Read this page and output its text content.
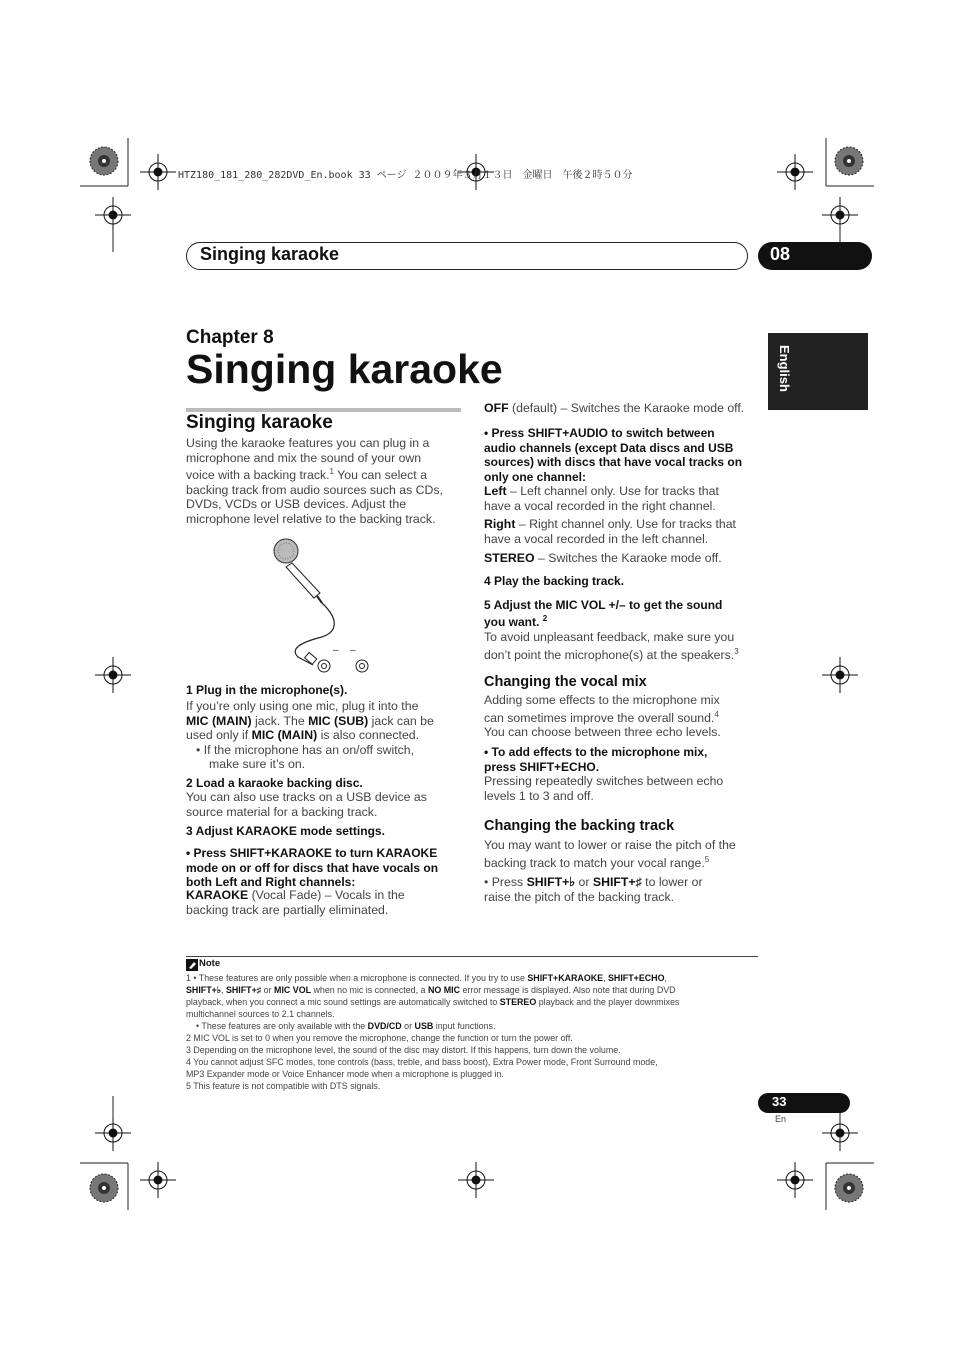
HTZ180_181_280_282DVD_En.book 33 ページ ２００９年３月１３日　金曜日　午後２時５０分
Singing karaoke	08
English
Chapter 8
Singing karaoke
Singing karaoke
Using the karaoke features you can plug in a
microphone and mix the sound of your own
voice with a backing track.$^1$ You can select a
backing track from audio sources such as CDs,
DVDs, VCDs or USB devices. Adjust the
microphone level relative to the backing track.
– –
1 Plug in the microphone(s).
If you’re only using one mic, plug it into the
MIC (MAIN) jack. The MIC (SUB) jack can be
used only if MIC (MAIN) is also connected.
• If the microphone has an on/off switch,
make sure it’s on.
2 Load a karaoke backing disc.
You can also use tracks on a USB device as
source material for a backing track.
3 Adjust KARAOKE mode settings.
• Press SHIFT+KARAOKE to turn KARAOKE
mode on or off for discs that have vocals on
both Left and Right channels:
KARAOKE (Vocal Fade) – Vocals in the
backing track are partially eliminated.
OFF (default) – Switches the Karaoke mode off.
• Press SHIFT+AUDIO to switch between
audio channels (except Data discs and USB
sources) with discs that have vocal tracks on
only one channel:
Left – Left channel only. Use for tracks that
have a vocal recorded in the right channel.
Right – Right channel only. Use for tracks that
have a vocal recorded in the left channel.
STEREO – Switches the Karaoke mode off.
4 Play the backing track.
5 Adjust the MIC VOL +/– to get the sound
you want. $^2$
To avoid unpleasant feedback, make sure you
don’t point the microphone(s) at the speakers.$^3$
Changing the vocal mix
Adding some effects to the microphone mix
can sometimes improve the overall sound.$^4$
You can choose between three echo levels.
• To add effects to the microphone mix,
press SHIFT+ECHO.
Pressing repeatedly switches between echo
levels 1 to 3 and off.
Changing the backing track
You may want to lower or raise the pitch of the
backing track to match your vocal range.$^5$
• Press SHIFT+♭ or SHIFT+♯ to lower or
raise the pitch of the backing track.
Note
1 • These features are only possible when a microphone is connected. If you try to use SHIFT+KARAOKE, SHIFT+ECHO,
SHIFT+♭, SHIFT+♯ or MIC VOL when no mic is connected, a NO MIC error message is displayed. Also note that during DVD
playback, when you connect a mic sound settings are automatically switched to STEREO playback and the player downmixes
multichannel sources to 2.1 channels.
• These features are only available with the DVD/CD or USB input functions.
2 MIC VOL is set to 0 when you remove the microphone, change the function or turn the power off.
3 Depending on the microphone level, the sound of the disc may distort. If this happens, turn down the volume.
4 You cannot adjust SFC modes, tone controls (bass, treble, and bass boost), Extra Power mode, Front Surround mode,
MP3 Expander mode or Voice Enhancer mode when a microphone is plugged in.
5 This feature is not compatible with DTS signals.
33
En
